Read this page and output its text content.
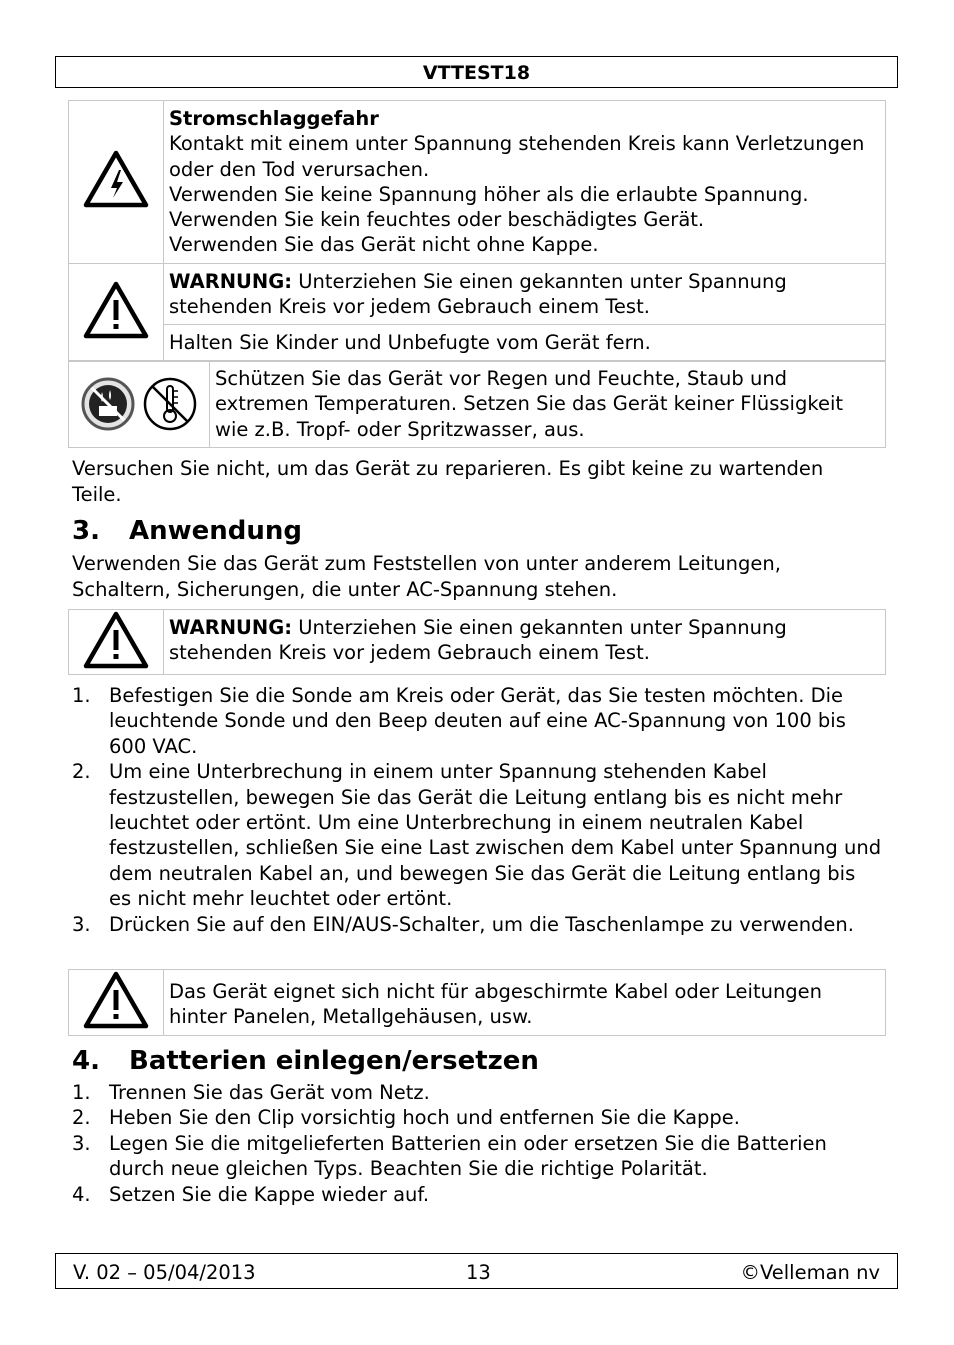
VTTEST18

Stromschlaggefahr
Kontakt mit einem unter Spannung stehenden Kreis kann Verletzungen oder den Tod verursachen.
Verwenden Sie keine Spannung höher als die erlaubte Spannung.
Verwenden Sie kein feuchtes oder beschädigtes Gerät.
Verwenden Sie das Gerät nicht ohne Kappe.

	WARNUNG: Unterziehen Sie einen gekannten unter Spannung stehenden Kreis vor jedem Gebrauch einem Test.
	Halten Sie Kinder und Unbefugte vom Gerät fern.
	Schützen Sie das Gerät vor Regen und Feuchte, Staub und extremen Temperaturen. Setzen Sie das Gerät keiner Flüssigkeit wie z.B. Tropf- oder Spritzwasser, aus.
Versuchen Sie nicht, um das Gerät zu reparieren. Es gibt keine zu wartenden Teile.
3. Anwendung
Verwenden Sie das Gerät zum Feststellen von unter anderem Leitungen, Schaltern, Sicherungen, die unter AC-Spannung stehen.
	WARNUNG: Unterziehen Sie einen gekannten unter Spannung stehenden Kreis vor jedem Gebrauch einem Test.
1. Befestigen Sie die Sonde am Kreis oder Gerät, das Sie testen möchten. Die leuchtende Sonde und den Beep deuten auf eine AC-Spannung von 100 bis 600 VAC.
2. Um eine Unterbrechung in einem unter Spannung stehenden Kabel festzustellen, bewegen Sie das Gerät die Leitung entlang bis es nicht mehr leuchtet oder ertönt. Um eine Unterbrechung in einem neutralen Kabel festzustellen, schließen Sie eine Last zwischen dem Kabel unter Spannung und dem neutralen Kabel an, und bewegen Sie das Gerät die Leitung entlang bis es nicht mehr leuchtet oder ertönt.
3. Drücken Sie auf den EIN/AUS-Schalter, um die Taschenlampe zu verwenden.
	Das Gerät eignet sich nicht für abgeschirmte Kabel oder Leitungen hinter Panelen, Metallgehäusen, usw.
4. Batterien einlegen/ersetzen
1. Trennen Sie das Gerät vom Netz.
2. Heben Sie den Clip vorsichtig hoch und entfernen Sie die Kappe.
3. Legen Sie die mitgelieferten Batterien ein oder ersetzen Sie die Batterien durch neue gleichen Typs. Beachten Sie die richtige Polarität.
4. Setzen Sie die Kappe wieder auf.
V. 02 – 05/04/2013	13	©Velleman nv
